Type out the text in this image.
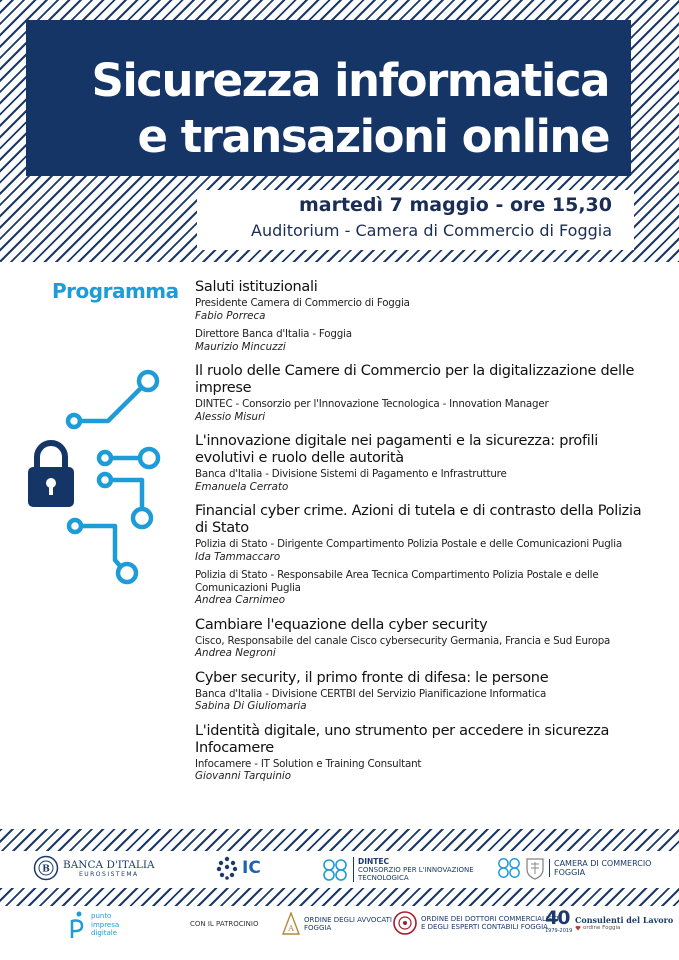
Sicurezza informatica
e transazioni online
martedì 7 maggio - ore 15,30
Auditorium - Camera di Commercio di Foggia
Programma Saluti istituzionali
Presidente Camera di Commercio di Foggia
Fabio Porreca
Direttore Banca d'Italia - Foggia
Maurizio Mincuzzi
Il ruolo delle Camere di Commercio per la digitalizzazione delle imprese
DINTEC - Consorzio per l'Innovazione Tecnologica - Innovation Manager
Alessio Misuri
L'innovazione digitale nei pagamenti e la sicurezza: profili evolutivi e ruolo delle autorità
Banca d'Italia - Divisione Sistemi di Pagamento e Infrastrutture
Emanuela Cerrato
Financial cyber crime. Azioni di tutela e di contrasto della Polizia di Stato
Polizia di Stato - Dirigente Compartimento Polizia Postale e delle Comunicazioni Puglia
Ida Tammaccaro
Polizia di Stato - Responsabile Area Tecnica Compartimento Polizia Postale e delle Comunicazioni Puglia
Andrea Carnimeo
Cambiare l'equazione della cyber security
Cisco, Responsabile del canale Cisco cybersecurity Germania, Francia e Sud Europa
Andrea Negroni
Cyber security, il primo fronte di difesa: le persone
Banca d'Italia - Divisione CERTBI del Servizio Pianificazione Informatica
Sabina Di Giuliomaria
L'identità digitale, uno strumento per accedere in sicurezza Infocamere
Infocamere - IT Solution e Training Consultant
Giovanni Tarquinio
B BANCA D'ITALIA
EUROSISTEMA	IC	DINTEC
CONSORZIO PER L'INNOVAZIONE
TECNOLOGICA
CAMERA DI COMMERCIO
FOGGIA
punto
impresa
digitale
CON IL PATROCINIO	A
ORDINE DEGLI AVVOCATI
FOGGIA
ORDINE DEI DOTTORI COMMERCIALISTI
E DEGLI ESPERTI CONTABILI FOGGIA
40
1979-2019
Consulenti del Lavoro
ordine Foggia
